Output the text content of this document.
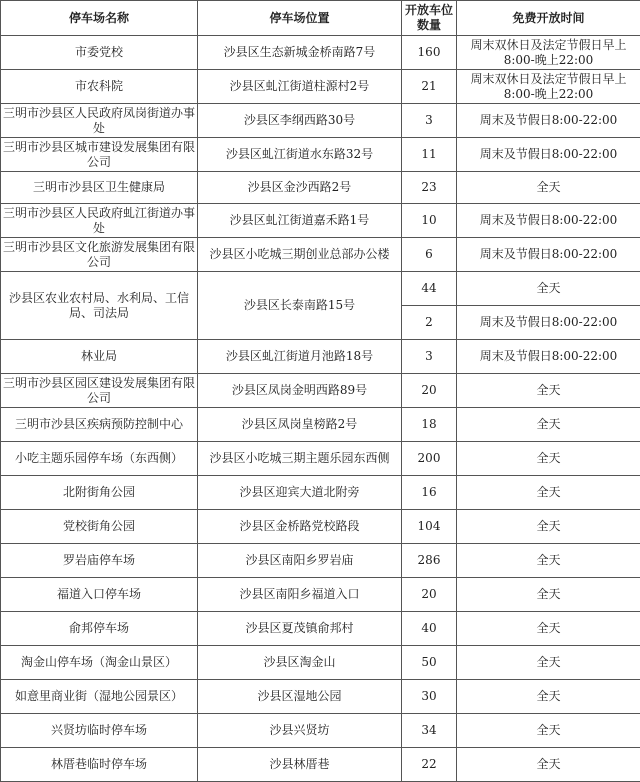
停车场名称	停车场位置	开放车位数量	免费开放时间
市委党校	沙县区生态新城金桥南路7号	160	周末双休日及法定节假日早上8:00-晚上22:00
市农科院	沙县区虬江街道柱源村2号	21	周末双休日及法定节假日早上8:00-晚上22:00
三明市沙县区人民政府凤岗街道办事处	沙县区李纲西路30号	3	周末及节假日8:00-22:00
三明市沙县区城市建设发展集团有限公司	沙县区虬江街道水东路32号	11	周末及节假日8:00-22:00
三明市沙县区卫生健康局	沙县区金沙西路2号	23	全天
三明市沙县区人民政府虬江街道办事处	沙县区虬江街道嘉禾路1号	10	周末及节假日8:00-22:00
三明市沙县区文化旅游发展集团有限公司	沙县区小吃城三期创业总部办公楼	6	周末及节假日8:00-22:00
沙县区农业农村局、水利局、工信局、司法局	沙县区长泰南路15号	44	全天
		2	周末及节假日8:00-22:00
林业局	沙县区虬江街道月池路18号	3	周末及节假日8:00-22:00
三明市沙县区园区建设发展集团有限公司	沙县区凤岗金明西路89号	20	全天
三明市沙县区疾病预防控制中心	沙县区凤岗皇榜路2号	18	全天
小吃主题乐园停车场（东西侧）	沙县区小吃城三期主题乐园东西侧	200	全天
北附街角公园	沙县区迎宾大道北附旁	16	全天
党校街角公园	沙县区金桥路党校路段	104	全天
罗岩庙停车场	沙县区南阳乡罗岩庙	286	全天
福道入口停车场	沙县区南阳乡福道入口	20	全天
俞邦停车场	沙县区夏茂镇俞邦村	40	全天
淘金山停车场（淘金山景区）	沙县区淘金山	50	全天
如意里商业街（湿地公园景区）	沙县区湿地公园	30	全天
兴贤坊临时停车场	沙县兴贤坊	34	全天
林厝巷临时停车场	沙县林厝巷	22	全天
